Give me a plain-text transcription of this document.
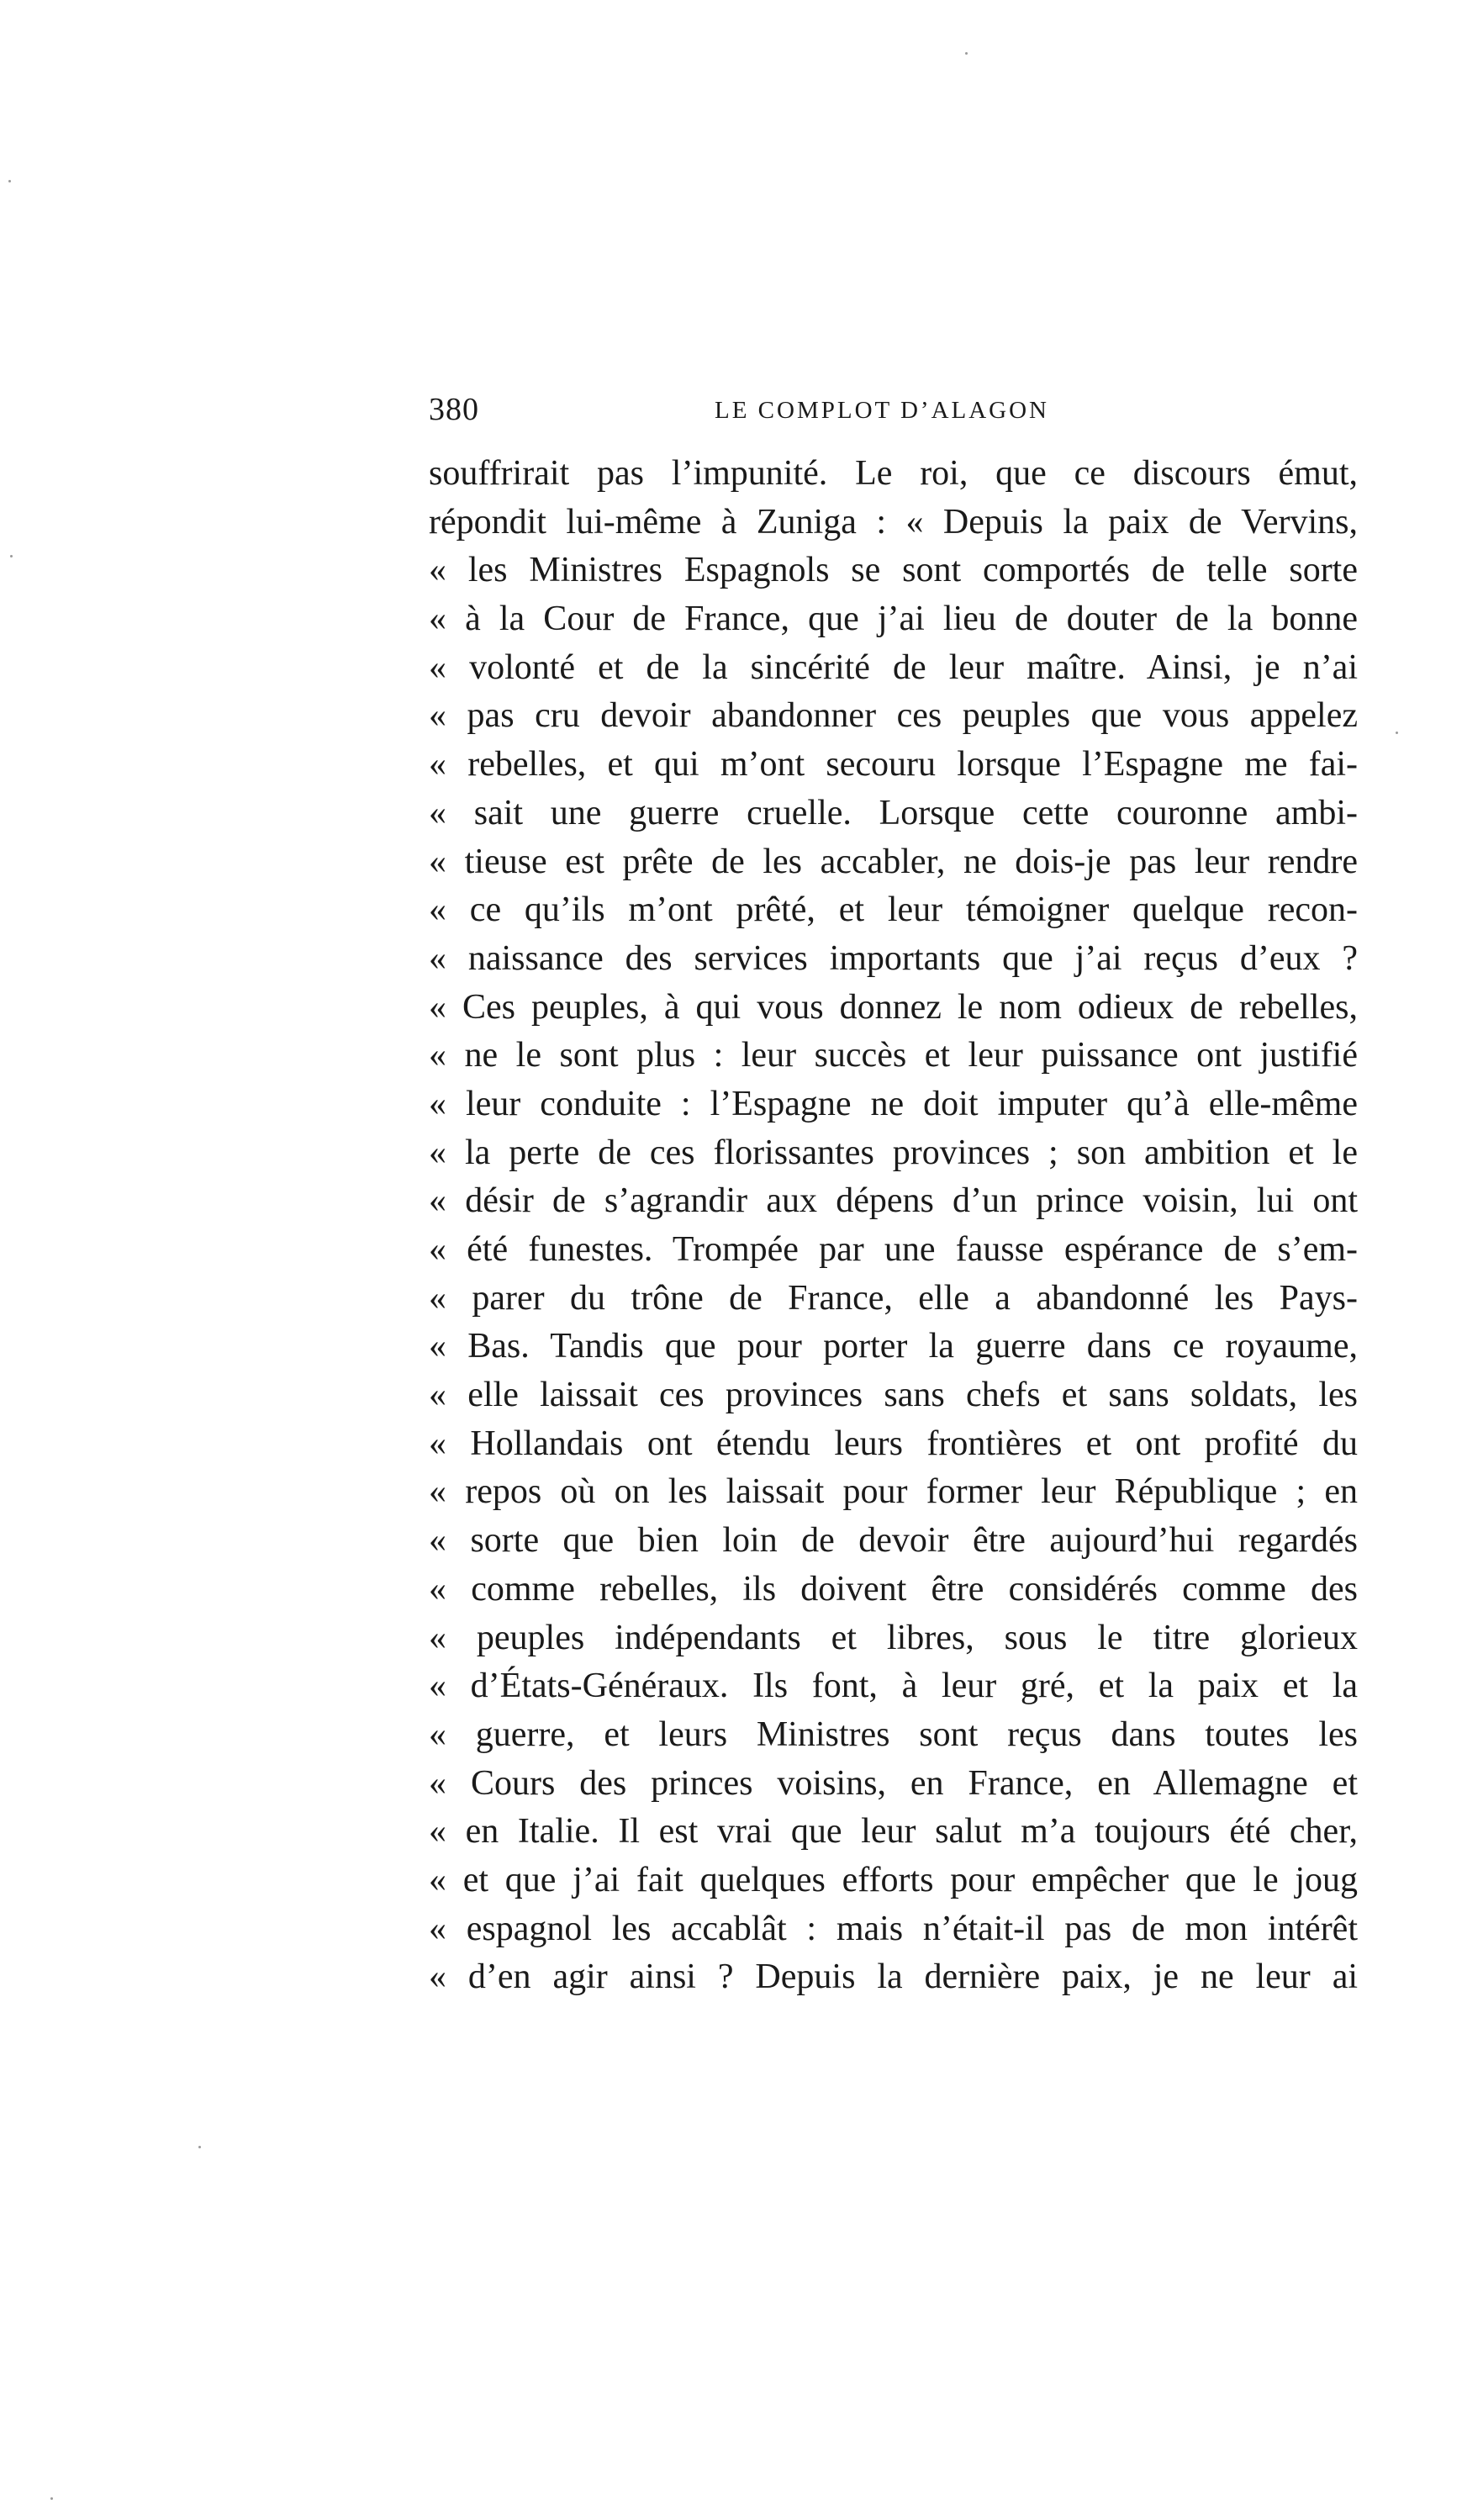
380	LE COMPLOT D’ALAGON
souffrirait pas l’impunité. Le roi, que ce discours émut,
répondit lui-même à Zuniga : « Depuis la paix de Vervins,
« les Ministres Espagnols se sont comportés de telle sorte
« à la Cour de France, que j’ai lieu de douter de la bonne
« volonté et de la sincérité de leur maître. Ainsi, je n’ai
« pas cru devoir abandonner ces peuples que vous appelez
« rebelles, et qui m’ont secouru lorsque l’Espagne me fai-
« sait une guerre cruelle. Lorsque cette couronne ambi-
« tieuse est prête de les accabler, ne dois-je pas leur rendre
« ce qu’ils m’ont prêté, et leur témoigner quelque recon-
« naissance des services importants que j’ai reçus d’eux ?
« Ces peuples, à qui vous donnez le nom odieux de rebelles,
« ne le sont plus : leur succès et leur puissance ont justifié
« leur conduite : l’Espagne ne doit imputer qu’à elle-même
« la perte de ces florissantes provinces ; son ambition et le
« désir de s’agrandir aux dépens d’un prince voisin, lui ont
« été funestes. Trompée par une fausse espérance de s’em-
« parer du trône de France, elle a abandonné les Pays-
« Bas. Tandis que pour porter la guerre dans ce royaume,
« elle laissait ces provinces sans chefs et sans soldats, les
« Hollandais ont étendu leurs frontières et ont profité du
« repos où on les laissait pour former leur République ; en
« sorte que bien loin de devoir être aujourd’hui regardés
« comme rebelles, ils doivent être considérés comme des
« peuples indépendants et libres, sous le titre glorieux
« d’États-Généraux. Ils font, à leur gré, et la paix et la
« guerre, et leurs Ministres sont reçus dans toutes les
« Cours des princes voisins, en France, en Allemagne et
« en Italie. Il est vrai que leur salut m’a toujours été cher,
« et que j’ai fait quelques efforts pour empêcher que le joug
« espagnol les accablât : mais n’était-il pas de mon intérêt
« d’en agir ainsi ? Depuis la dernière paix, je ne leur ai
